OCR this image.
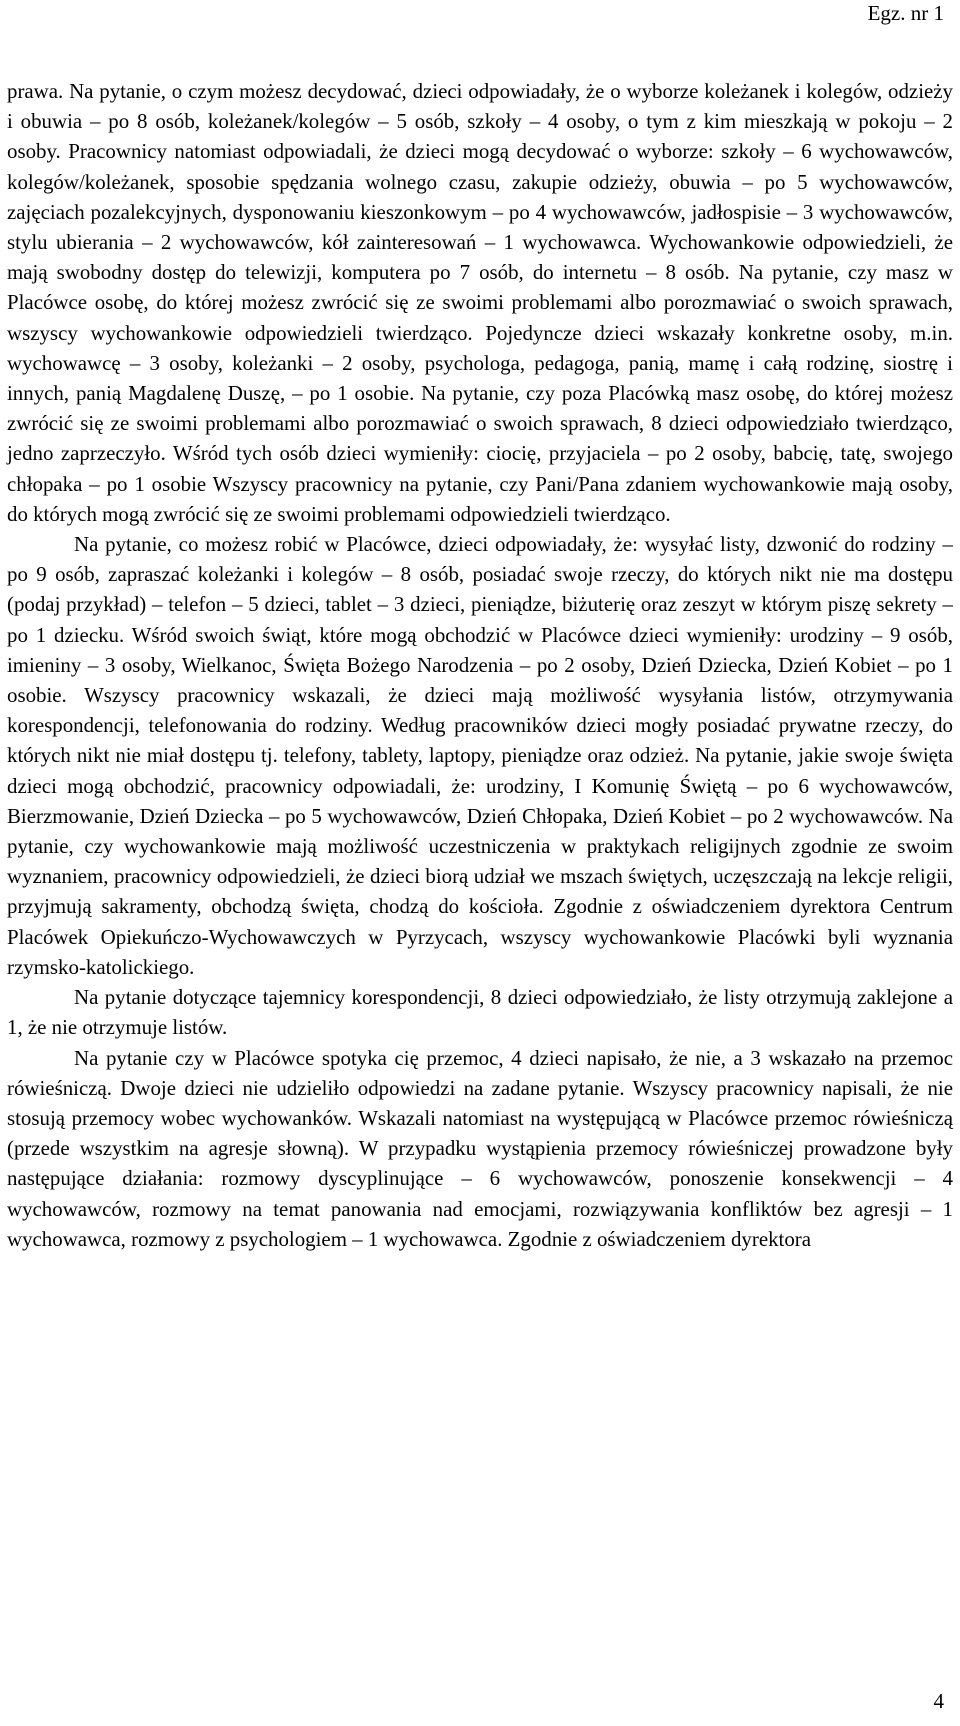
Egz. nr 1

prawa. Na pytanie, o czym możesz decydować, dzieci odpowiadały, że o wyborze koleżanek i kolegów, odzieży i obuwia – po 8 osób, koleżanek/kolegów – 5 osób, szkoły – 4 osoby, o tym z kim mieszkają w pokoju – 2 osoby. Pracownicy natomiast odpowiadali, że dzieci mogą decydować o wyborze: szkoły – 6 wychowawców, kolegów/koleżanek, sposobie spędzania wolnego czasu, zakupie odzieży, obuwia – po 5 wychowawców, zajęciach pozalekcyjnych, dysponowaniu kieszonkowym – po 4 wychowawców, jadłospisie – 3 wychowawców, stylu ubierania – 2 wychowawców, kół zainteresowań – 1 wychowawca. Wychowankowie odpowiedzieli, że mają swobodny dostęp do telewizji, komputera po 7 osób, do internetu – 8 osób. Na pytanie, czy masz w Placówce osobę, do której możesz zwrócić się ze swoimi problemami albo porozmawiać o swoich sprawach, wszyscy wychowankowie odpowiedzieli twierdząco. Pojedyncze dzieci wskazały konkretne osoby, m.in. wychowawcę – 3 osoby, koleżanki – 2 osoby, psychologa, pedagoga, panią, mamę i całą rodzinę, siostrę i innych, panią Magdalenę Duszę, – po 1 osobie. Na pytanie, czy poza Placówką masz osobę, do której możesz zwrócić się ze swoimi problemami albo porozmawiać o swoich sprawach, 8 dzieci odpowiedziało twierdząco, jedno zaprzeczyło. Wśród tych osób dzieci wymieniły: ciocię, przyjaciela – po 2 osoby, babcię, tatę, swojego chłopaka – po 1 osobie Wszyscy pracownicy na pytanie, czy Pani/Pana zdaniem wychowankowie mają osoby, do których mogą zwrócić się ze swoimi problemami odpowiedzieli twierdząco.

Na pytanie, co możesz robić w Placówce, dzieci odpowiadały, że: wysyłać listy, dzwonić do rodziny – po 9 osób, zapraszać koleżanki i kolegów – 8 osób, posiadać swoje rzeczy, do których nikt nie ma dostępu (podaj przykład) – telefon – 5 dzieci, tablet – 3 dzieci, pieniądze, biżuterię oraz zeszyt w którym piszę sekrety – po 1 dziecku. Wśród swoich świąt, które mogą obchodzić w Placówce dzieci wymieniły: urodziny – 9 osób, imieniny – 3 osoby, Wielkanoc, Święta Bożego Narodzenia – po 2 osoby, Dzień Dziecka, Dzień Kobiet – po 1 osobie. Wszyscy pracownicy wskazali, że dzieci mają możliwość wysyłania listów, otrzymywania korespondencji, telefonowania do rodziny. Według pracowników dzieci mogły posiadać prywatne rzeczy, do których nikt nie miał dostępu tj. telefony, tablety, laptopy, pieniądze oraz odzież. Na pytanie, jakie swoje święta dzieci mogą obchodzić, pracownicy odpowiadali, że: urodziny, I Komunię Świętą – po 6 wychowawców, Bierzmowanie, Dzień Dziecka – po 5 wychowawców, Dzień Chłopaka, Dzień Kobiet – po 2 wychowawców. Na pytanie, czy wychowankowie mają możliwość uczestniczenia w praktykach religijnych zgodnie ze swoim wyznaniem, pracownicy odpowiedzieli, że dzieci biorą udział we mszach świętych, uczęszczają na lekcje religii, przyjmują sakramenty, obchodzą święta, chodzą do kościoła. Zgodnie z oświadczeniem dyrektora Centrum Placówek Opiekuńczo-Wychowawczych w Pyrzycach, wszyscy wychowankowie Placówki byli wyznania rzymsko-katolickiego.

Na pytanie dotyczące tajemnicy korespondencji, 8 dzieci odpowiedziało, że listy otrzymują zaklejone a 1, że nie otrzymuje listów.

Na pytanie czy w Placówce spotyka cię przemoc, 4 dzieci napisało, że nie, a 3 wskazało na przemoc rówieśniczą. Dwoje dzieci nie udzieliło odpowiedzi na zadane pytanie. Wszyscy pracownicy napisali, że nie stosują przemocy wobec wychowanków. Wskazali natomiast na występującą w Placówce przemoc rówieśniczą (przede wszystkim na agresje słowną). W przypadku wystąpienia przemocy rówieśniczej prowadzone były następujące działania: rozmowy dyscyplinujące – 6 wychowawców, ponoszenie konsekwencji – 4 wychowawców, rozmowy na temat panowania nad emocjami, rozwiązywania konfliktów bez agresji – 1 wychowawca, rozmowy z psychologiem – 1 wychowawca. Zgodnie z oświadczeniem dyrektora

4
